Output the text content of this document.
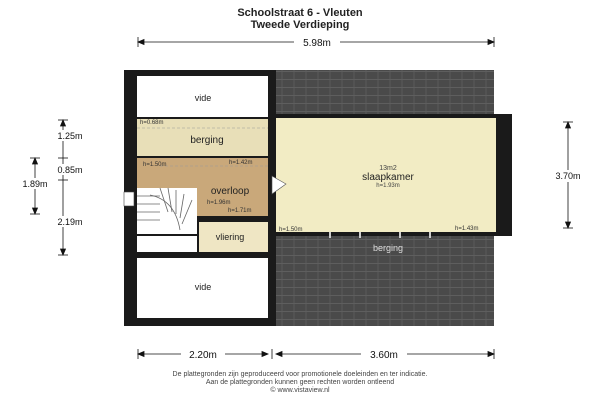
Schoolstraat 6 - Vleuten
Tweede Verdieping
vide
berging
overloop
vliering
vide
13m2
slaapkamer
berging
h=0.68m
h=1.50m	h=1.42m
h=1.96m
h=1.71m
h=1.93m
h=1.50m	h=1.43m
5.98m
1.25m
0.85m
1.89m
2.19m
3.70m
2.20m	3.60m
De plattegronden zijn geproduceerd voor promotionele doeleinden en ter indicatie.
Aan de plattegronden kunnen geen rechten worden ontleend
© www.vistaview.nl
